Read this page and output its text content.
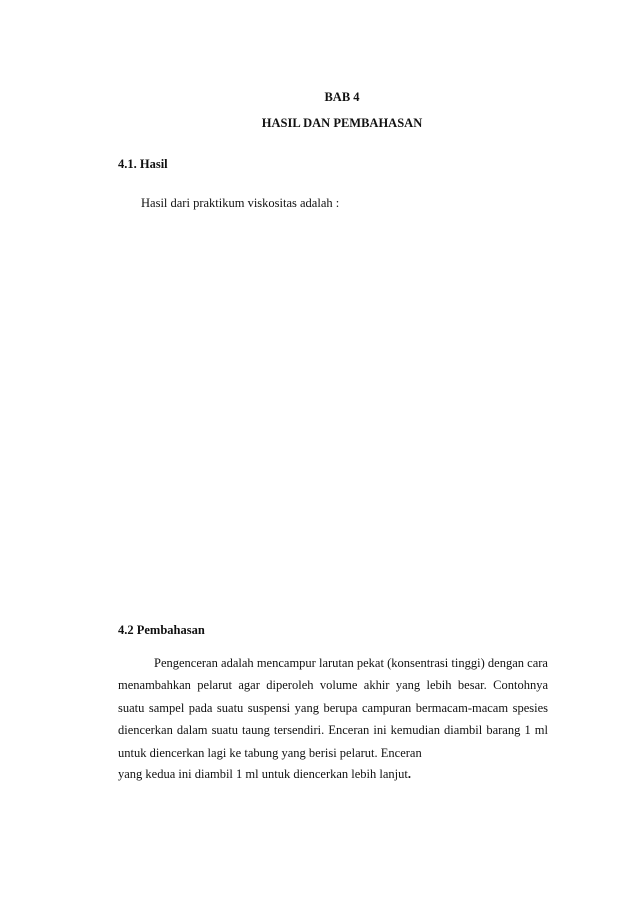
BAB 4
HASIL DAN PEMBAHASAN
4.1. Hasil
Hasil dari praktikum viskositas adalah :
4.2 Pembahasan

Pengenceran adalah mencampur larutan pekat (konsentrasi tinggi) dengan cara menambahkan pelarut agar diperoleh volume akhir yang lebih besar. Contohnya suatu sampel pada suatu suspensi yang berupa campuran bermacam-macam spesies diencerkan dalam suatu taung tersendiri. Enceran ini kemudian diambil barang 1 ml untuk diencerkan lagi ke tabung yang berisi pelarut. Enceran

yang kedua ini diambil 1 ml untuk diencerkan lebih lanjut.
